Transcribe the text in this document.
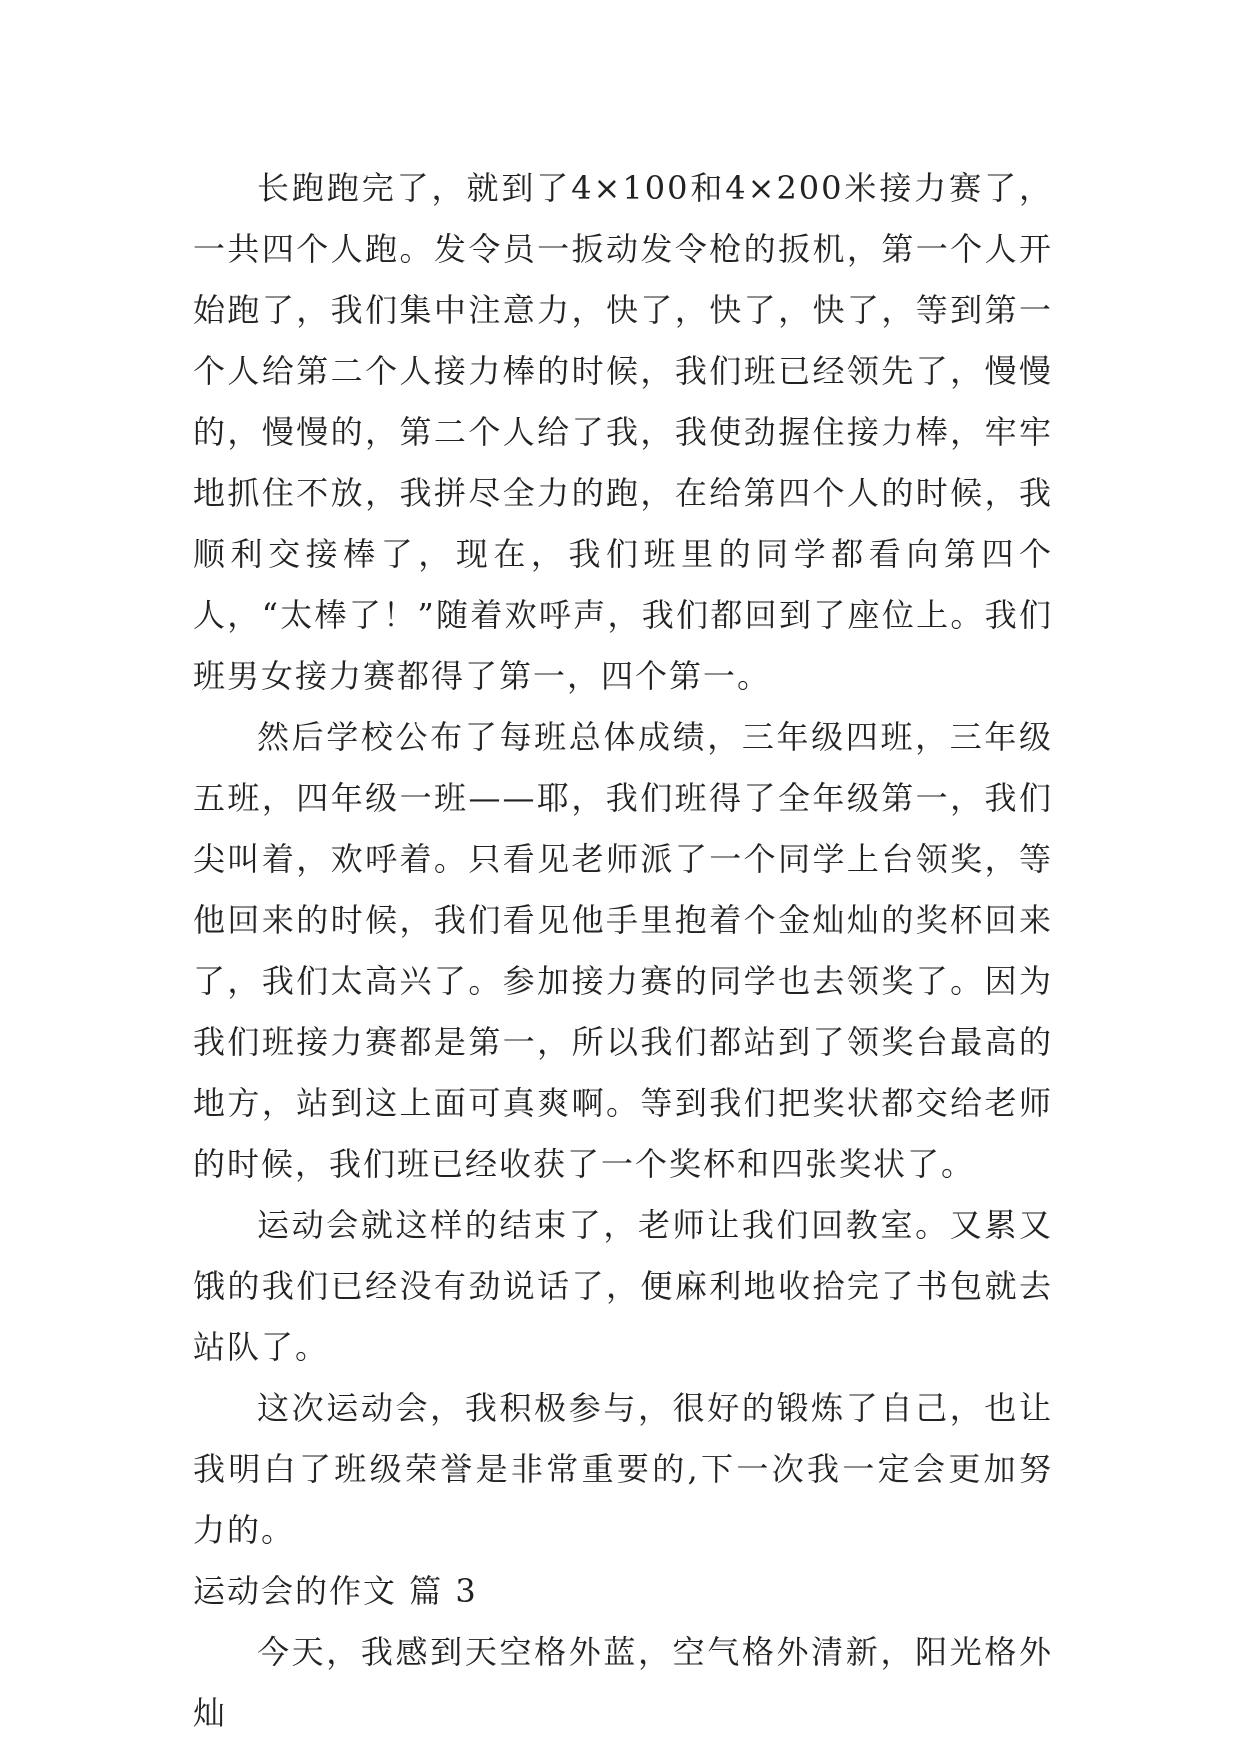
长跑跑完了，就到了4×100和4×200米接力赛了，一共四个人跑。发令员一扳动发令枪的扳机，第一个人开始跑了，我们集中注意力，快了，快了，快了，等到第一个人给第二个人接力棒的时候，我们班已经领先了，慢慢的，慢慢的，第二个人给了我，我使劲握住接力棒，牢牢地抓住不放，我拼尽全力的跑，在给第四个人的时候，我顺利交接棒了，现在，我们班里的同学都看向第四个人，“太棒了！”随着欢呼声，我们都回到了座位上。我们班男女接力赛都得了第一，四个第一。

然后学校公布了每班总体成绩，三年级四班，三年级五班，四年级一班——耶，我们班得了全年级第一，我们尖叫着，欢呼着。只看见老师派了一个同学上台领奖，等他回来的时候，我们看见他手里抱着个金灿灿的奖杯回来了，我们太高兴了。参加接力赛的同学也去领奖了。因为我们班接力赛都是第一，所以我们都站到了领奖台最高的地方，站到这上面可真爽啊。等到我们把奖状都交给老师的时候，我们班已经收获了一个奖杯和四张奖状了。

运动会就这样的结束了，老师让我们回教室。又累又饿的我们已经没有劲说话了，便麻利地收拾完了书包就去站队了。

这次运动会，我积极参与，很好的锻炼了自己，也让我明白了班级荣誉是非常重要的,下一次我一定会更加努力的。

运动会的作文 篇 3

今天，我感到天空格外蓝，空气格外清新，阳光格外灿
